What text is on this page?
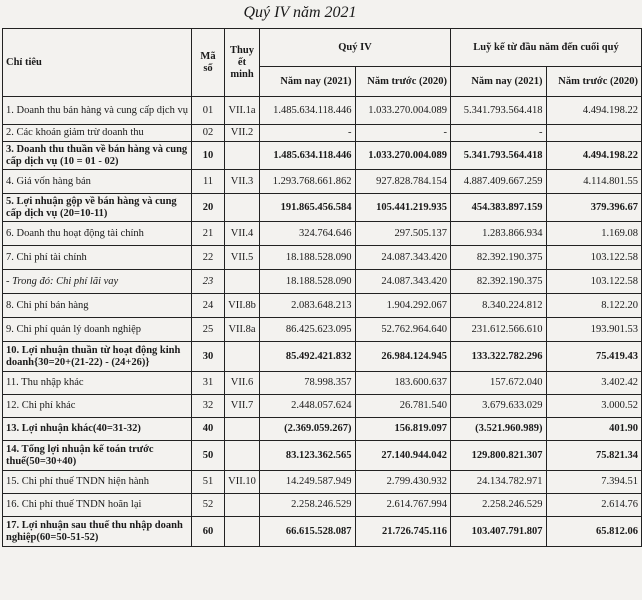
Quý IV năm 2021
Chỉ tiêu	Mã số	Thuy ết minh	Quý IV		Luỹ kế từ đầu năm đến cuối quý	
			Năm nay (2021)	Năm trước (2020)	Năm nay (2021)	Năm trước (2020)
1. Doanh thu bán hàng và cung cấp dịch vụ	01	VII.1a	1.485.634.118.446	1.033.270.004.089	5.341.793.564.418	4.494.198.22
2. Các khoản giảm trừ doanh thu	02	VII.2	-	-	-	
3. Doanh thu thuần về bán hàng và cung cấp dịch vụ (10 = 01 - 02)	10		1.485.634.118.446	1.033.270.004.089	5.341.793.564.418	4.494.198.22
4. Giá vốn hàng bán	11	VII.3	1.293.768.661.862	927.828.784.154	4.887.409.667.259	4.114.801.55
5. Lợi nhuận gộp về bán hàng và cung cấp dịch vụ (20=10-11)	20		191.865.456.584	105.441.219.935	454.383.897.159	379.396.67
6. Doanh thu hoạt động tài chính	21	VII.4	324.764.646	297.505.137	1.283.866.934	1.169.08
7. Chi phí tài chính	22	VII.5	18.188.528.090	24.087.343.420	82.392.190.375	103.122.58
- Trong đó: Chi phí lãi vay	23		18.188.528.090	24.087.343.420	82.392.190.375	103.122.58
8. Chi phí bán hàng	24	VII.8b	2.083.648.213	1.904.292.067	8.340.224.812	8.122.20
9. Chi phí quản lý doanh nghiệp	25	VII.8a	86.425.623.095	52.762.964.640	231.612.566.610	193.901.53
10. Lợi nhuận thuần từ hoạt động kinh doanh{30=20+(21-22) - (24+26)}	30		85.492.421.832	26.984.124.945	133.322.782.296	75.419.43
11. Thu nhập khác	31	VII.6	78.998.357	183.600.637	157.672.040	3.402.42
12. Chi phí khác	32	VII.7	2.448.057.624	26.781.540	3.679.633.029	3.000.52
13. Lợi nhuận khác(40=31-32)	40		(2.369.059.267)	156.819.097	(3.521.960.989)	401.90
14. Tổng lợi nhuận kế toán trước thuế(50=30+40)	50		83.123.362.565	27.140.944.042	129.800.821.307	75.821.34
15. Chi phí thuế TNDN hiện hành	51	VII.10	14.249.587.949	2.799.430.932	24.134.782.971	7.394.51
16. Chi phí thuế TNDN hoãn lại	52		2.258.246.529	2.614.767.994	2.258.246.529	2.614.76
17. Lợi nhuận sau thuế thu nhập doanh nghiệp(60=50-51-52)	60		66.615.528.087	21.726.745.116	103.407.791.807	65.812.06
